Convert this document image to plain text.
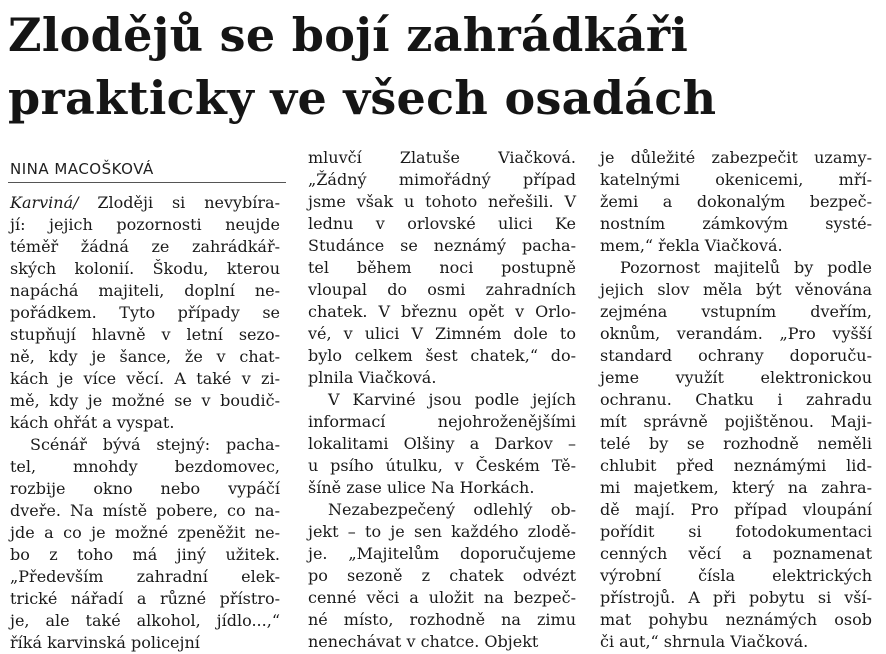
Zlodějů se bojí zahrádkáři
prakticky ve všech osadách
NINA MACOŠKOVÁ
Karviná/ Zloději si nevybíra-
jí: jejich pozornosti neujde
téměř žádná ze zahrádkář-
ských kolonií. Škodu, kterou
napáchá majiteli, doplní ne-
pořádkem. Tyto případy se
stupňují hlavně v letní sezo-
ně, kdy je šance, že v chat-
kách je více věcí. A také v zi-
mě, kdy je možné se v boudič-
kách ohřát a vyspat.
Scénář bývá stejný: pacha-
tel, mnohdy bezdomovec,
rozbije okno nebo vypáčí
dveře. Na místě pobere, co na-
jde a co je možné zpeněžit ne-
bo z toho má jiný užitek.
„Především zahradní elek-
trické nářadí a různé přístro-
je, ale také alkohol, jídlo...,“
říká karvinská policejní
mluvčí Zlatuše Viačková.
„Žádný mimořádný případ
jsme však u tohoto neřešili. V
lednu v orlovské ulici Ke
Studánce se neznámý pacha-
tel během noci postupně
vloupal do osmi zahradních
chatek. V březnu opět v Orlo-
vé, v ulici V Zimném dole to
bylo celkem šest chatek,“ do-
plnila Viačková.
V Karviné jsou podle jejích
informací nejohroženějšími
lokalitami Olšiny a Darkov –
u psího útulku, v Českém Tě-
šíně zase ulice Na Horkách.
Nezabezpečený odlehlý ob-
jekt – to je sen každého zlodě-
je. „Majitelům doporučujeme
po sezoně z chatek odvézt
cenné věci a uložit na bezpeč-
né místo, rozhodně na zimu
nenechávat v chatce. Objekt
je důležité zabezpečit uzamy-
katelnými okenicemi, mří-
žemi a dokonalým bezpeč-
nostním zámkovým systé-
mem,“ řekla Viačková.
Pozornost majitelů by podle
jejich slov měla být věnována
zejména vstupním dveřím,
oknům, verandám. „Pro vyšší
standard ochrany doporuču-
jeme využít elektronickou
ochranu. Chatku i zahradu
mít správně pojištěnou. Maji-
telé by se rozhodně neměli
chlubit před neznámými lid-
mi majetkem, který na zahra-
dě mají. Pro případ vloupání
pořídit si fotodokumentaci
cenných věcí a poznamenat
výrobní čísla elektrických
přístrojů. A při pobytu si vší-
mat pohybu neznámých osob
či aut,“ shrnula Viačková.
